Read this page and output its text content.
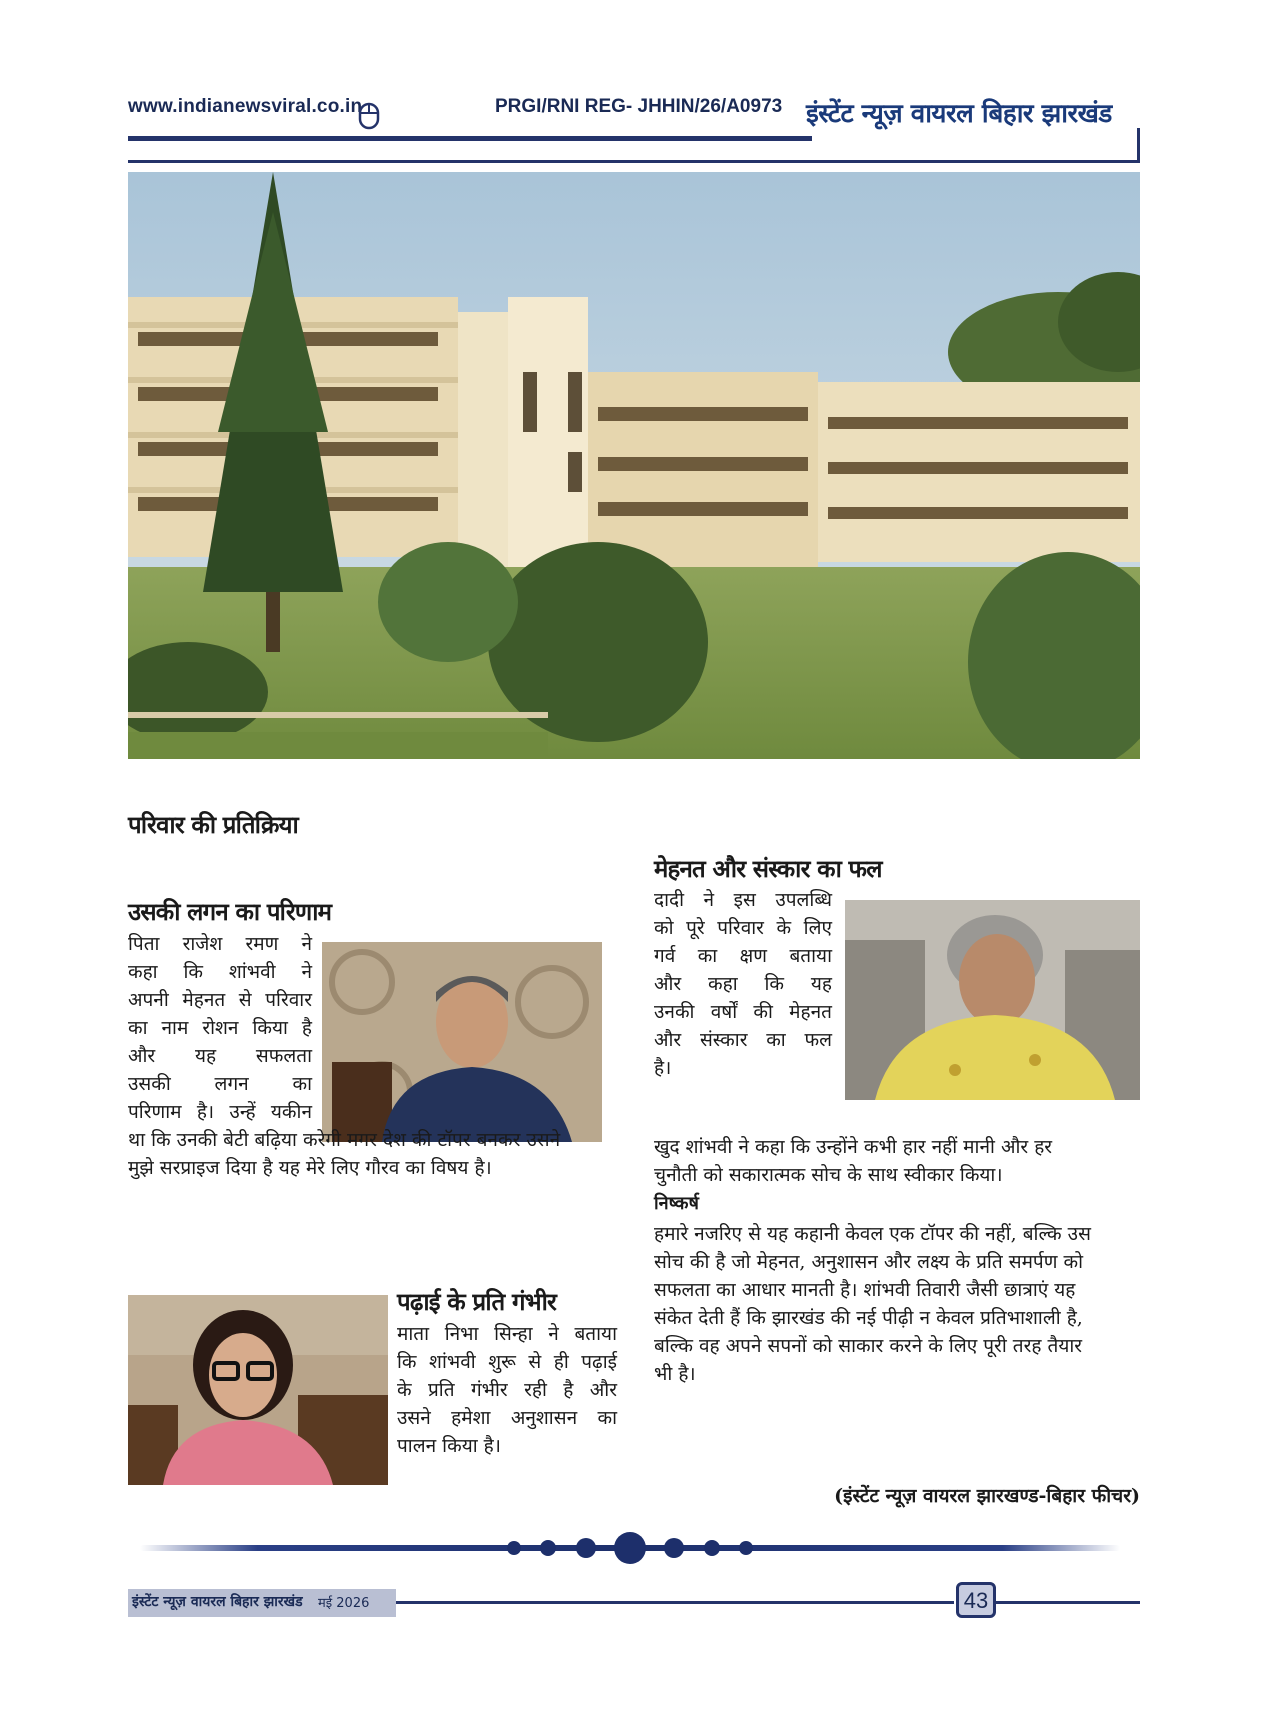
www.indianewsviral.co.in	PRGI/RNI REG- JHHIN/26/A0973 इंस्टेंट न्यूज़ वायरल बिहार झारखंड
परिवार की प्रतिक्रिया
उसकी लगन का परिणाम
पिता राजेश रमण ने
कहा कि शांभवी ने
अपनी मेहनत से परिवार
का नाम रोशन किया है
और यह सफलता
उसकी लगन का
परिणाम है। उन्हें यकीन
था कि उनकी बेटी बढ़िया करेगी मगर देश की टॉपर बनकर उसने
मुझे सरप्राइज दिया है यह मेरे लिए गौरव का विषय है।
पढ़ाई के प्रति गंभीर
माता निभा सिन्हा ने बताया
कि शांभवी शुरू से ही पढ़ाई
के प्रति गंभीर रही है और
उसने हमेशा अनुशासन का
पालन किया है।
मेहनत और संस्कार का फल
दादी ने इस उपलब्धि
को पूरे परिवार के लिए
गर्व का क्षण बताया
और कहा कि यह
उनकी वर्षों की मेहनत
और संस्कार का फल
है।
खुद शांभवी ने कहा कि उन्होंने कभी हार नहीं मानी और हर
चुनौती को सकारात्मक सोच के साथ स्वीकार किया।
निष्कर्ष
हमारे नजरिए से यह कहानी केवल एक टॉपर की नहीं, बल्कि उस
सोच की है जो मेहनत, अनुशासन और लक्ष्य के प्रति समर्पण को
सफलता का आधार मानती है। शांभवी तिवारी जैसी छात्राएं यह
संकेत देती हैं कि झारखंड की नई पीढ़ी न केवल प्रतिभाशाली है,
बल्कि वह अपने सपनों को साकार करने के लिए पूरी तरह तैयार
भी है।
(इंस्टेंट न्यूज़ वायरल झारखण्ड-बिहार फीचर)
इंस्टेंट न्यूज़ वायरल बिहार झारखंड मई 2026	43
